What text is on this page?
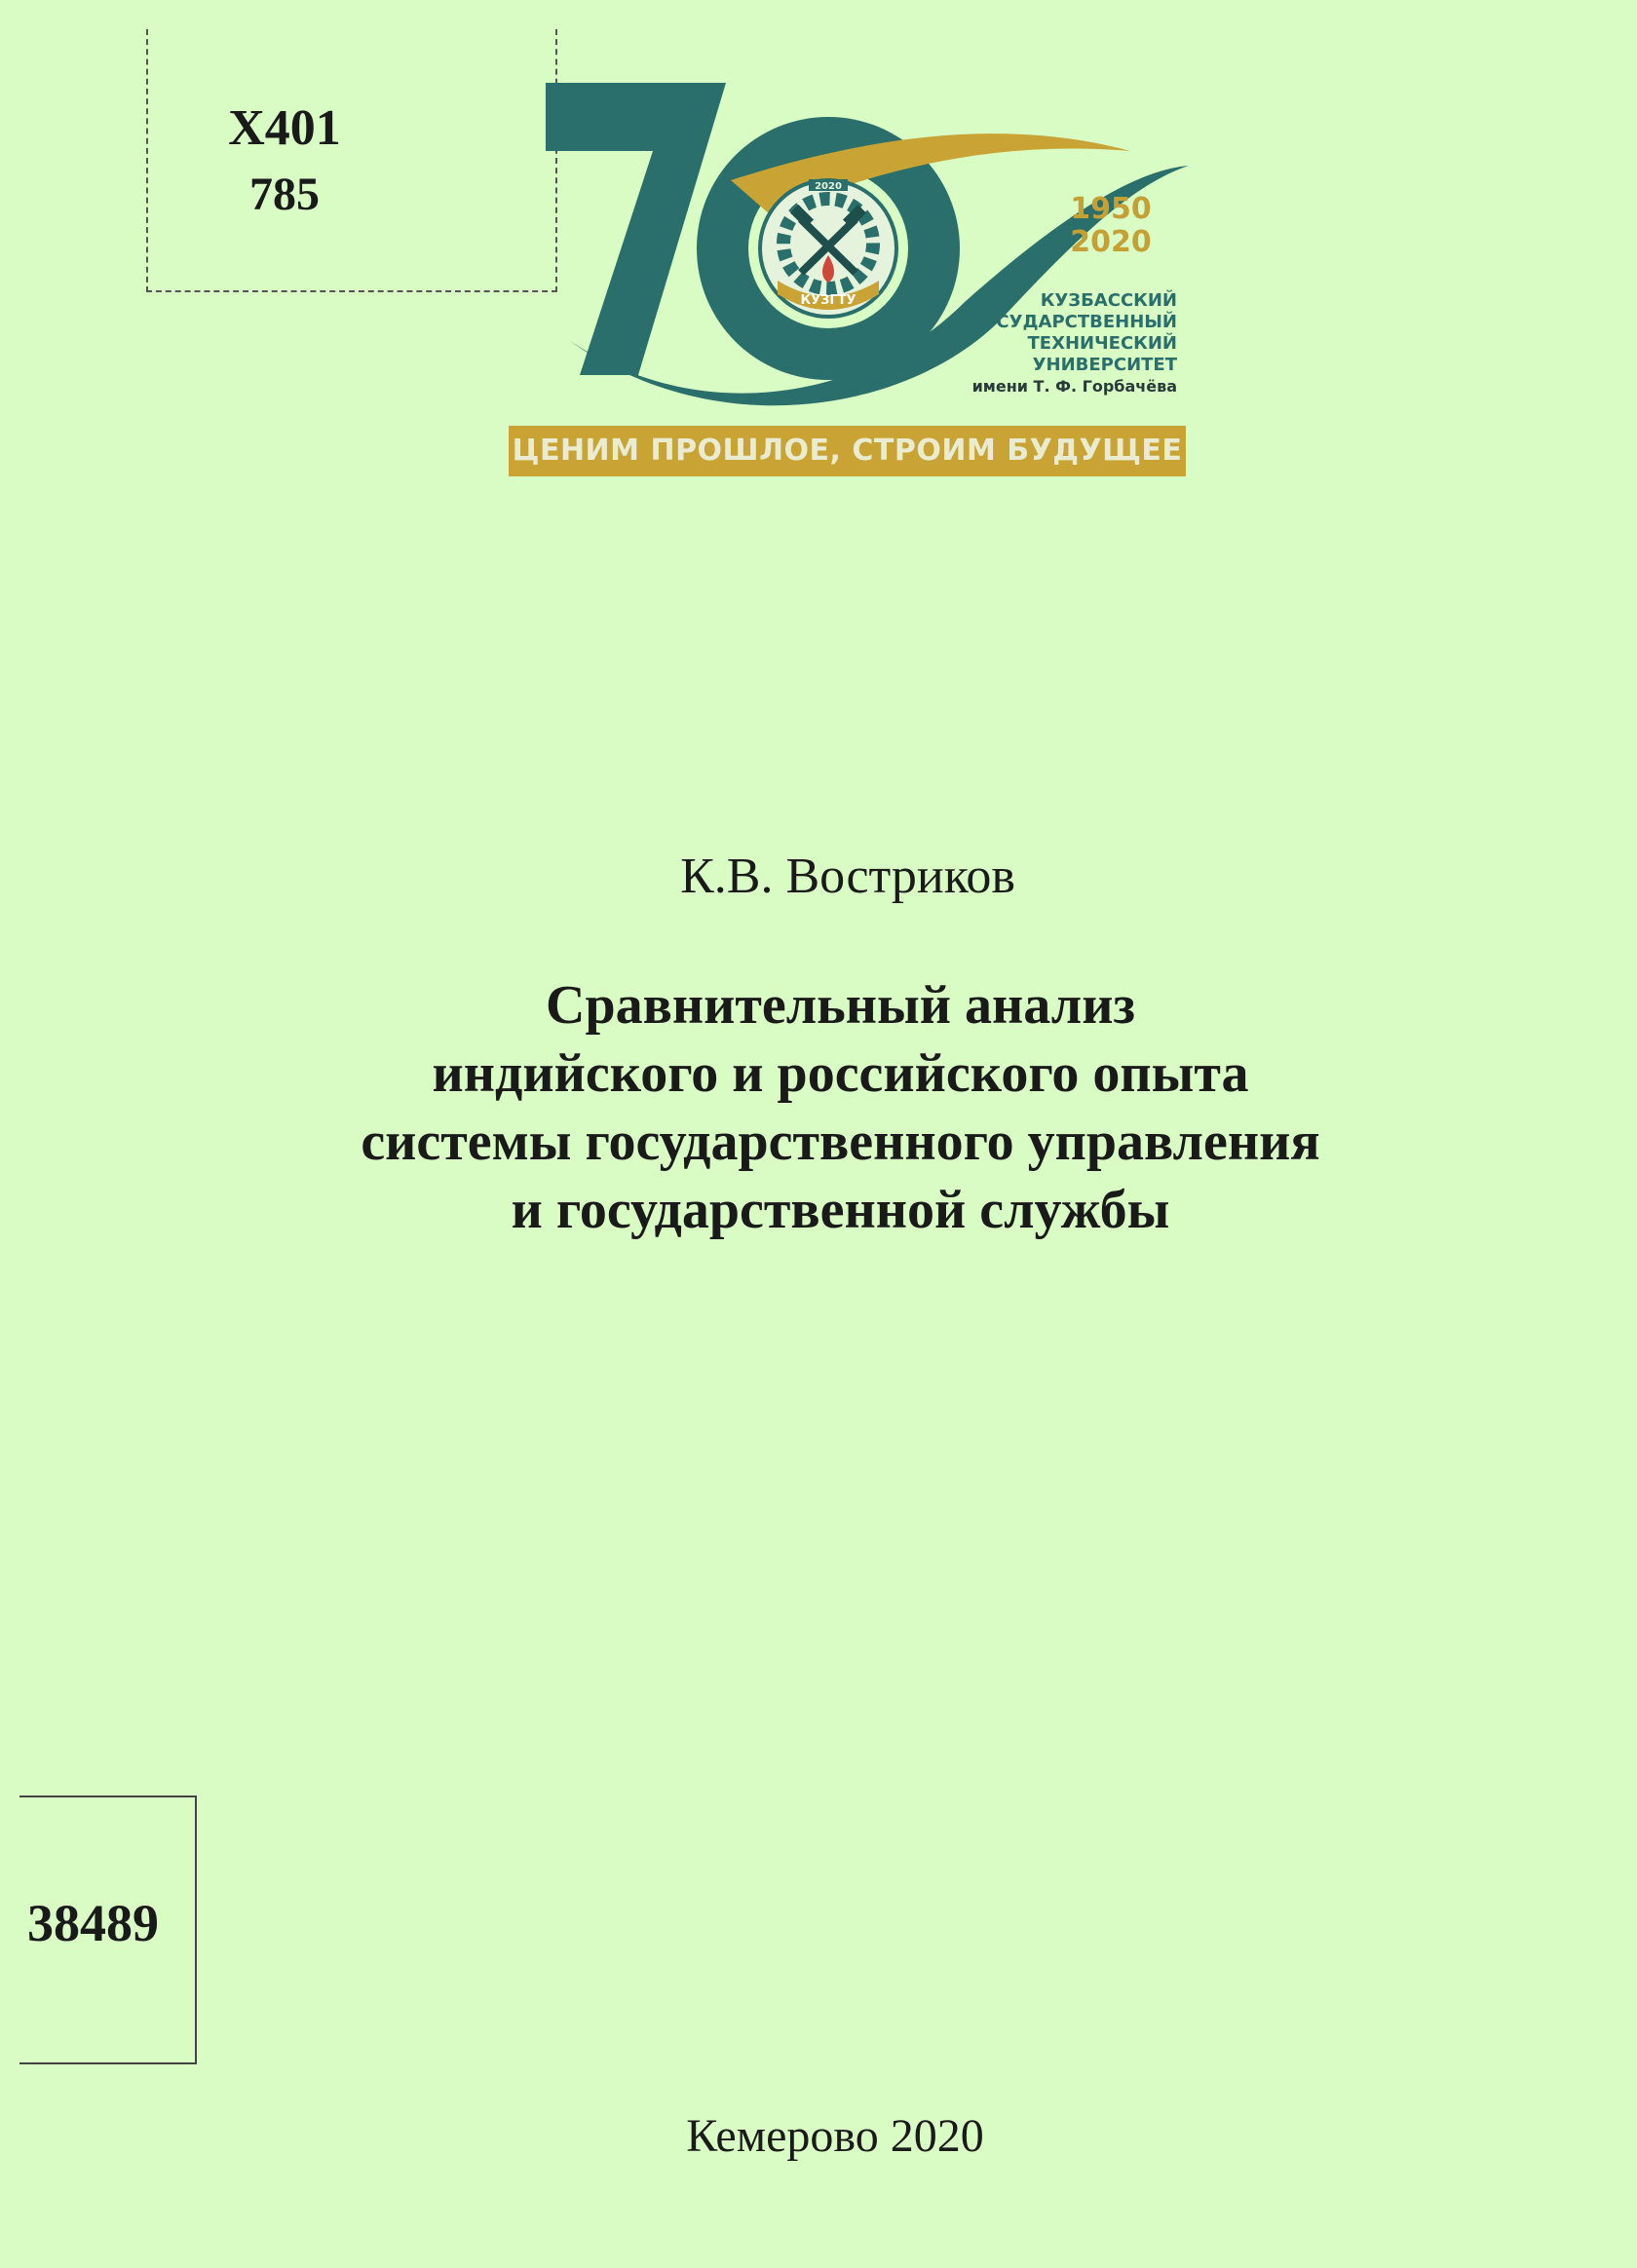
Х401
785
КУЗГТУ
2020
1950
2020
КУЗБАССКИЙ
ГОСУДАРСТВЕННЫЙ
ТЕХНИЧЕСКИЙ
УНИВЕРСИТЕТ
имени Т. Ф. Горбачёва
ЦЕНИМ ПРОШЛОЕ, СТРОИМ БУДУЩЕЕ
К.В. Востриков
Сравнительный анализ
индийского и российского опыта
системы государственного управления
и государственной службы
38489
Кемерово 2020
